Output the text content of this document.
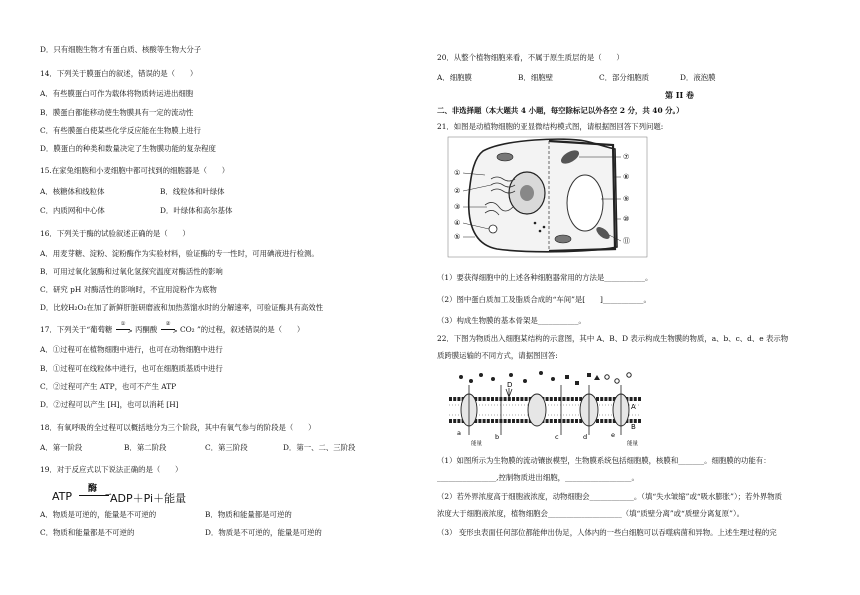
D．只有细胞生物才有蛋白质、核酸等生物大分子
14．下列关于膜蛋白的叙述，错误的是（　　）
A．有些膜蛋白可作为载体将物质转运进出细胞
B．膜蛋白都能移动使生物膜具有一定的流动性
C．有些膜蛋白使某些化学反应能在生物膜上进行
D．膜蛋白的种类和数量决定了生物膜功能的复杂程度
15.在家兔细胞和小麦细胞中都可找到的细胞器是（　　）
A．核糖体和线粒体	B．线粒体和叶绿体
C．内质网和中心体	D．叶绿体和高尔基体
16．下列关于酶的试验叙述正确的是（　　）
A．用麦芽糖、淀粉、淀粉酶作为实验材料，验证酶的专一性时，可用碘液进行检测。
B．可用过氧化氢酶和过氧化氢探究温度对酶活性的影响
C．研究 pH 对酶活性的影响时，不宜用淀粉作为底物
D．比较H₂O₂在加了新鲜肝脏研磨液和加热蒸馏水时的分解速率，可验证酶具有高效性
17．下列关于“葡萄糖
①
> 丙酮酸
②
> CO₂ ”的过程，叙述错误的是（　　）
A．①过程可在植物细胞中进行，也可在动物细胞中进行
B．①过程可在线粒体中进行，也可在细胞质基质中进行
C．②过程可产生 ATP，也可不产生 ATP
D．②过程可以产生 [H]，也可以消耗 [H]
18．有氧呼吸的全过程可以概括地分为三个阶段，其中有氧气参与的阶段是（　　）
A．第一阶段	B．第二阶段	C．第三阶段	D．第一、二、三阶段
19．对于反应式以下说法正确的是（　　）
ATP
酶
⇀
ADP＋Pi＋能量
A．物质是可逆的，能量是不可逆的	B．物质和能量都是可逆的
C．物质和能量都是不可逆的	D．物质是不可逆的，能量是可逆的
20．从整个植物细胞来看，不属于原生质层的是（　　）
A．细胞膜	B．细胞壁	C．部分细胞质	D．液泡膜
第 II 卷
二、非选择题（本大题共 4 小题，每空除标记以外各空 2 分，共 40 分。）
21．如图是动植物细胞的亚显微结构模式图，请根据图回答下列问题:
①
②
③
④
⑤
⑦
⑧
⑨
⑩
⑪
（1）要获得细胞中的上述各种细胞器常用的方法是___________。
（2）图中蛋白质加工及脂质合成的“车间”是[　　]___________。
（3）构成生物膜的基本骨架是___________。
22．下图为物质出入细胞某结构的示意图，其中 A、B、D 表示构成生物膜的物质，a、b、c、d、e 表示物
质跨膜运输的不同方式，请据图回答:
A
D
B
a	b	c	d	e
能量	能量
（1）如图所示为生物膜的流动镶嵌模型，生物膜系统包括细胞膜，核膜和_______。细胞膜的功能有：
________________,控制物质进出细胞，__________________。
（2）若外界浓度高于细胞液浓度，动物细胞会____________。（填“失水皱缩”或“吸水膨胀”）；若外界物质
浓度大于细胞液浓度，植物细胞会____________________（填“质壁分离”或“质壁分离复原”）。
（3） 变形虫表面任何部位都能伸出伪足，人体内的一些白细胞可以吞噬病菌和异物。上述生理过程的完
